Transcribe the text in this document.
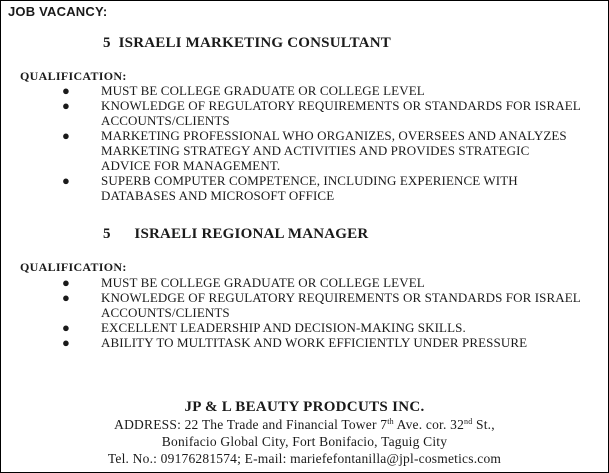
JOB VACANCY:
5 ISRAELI MARKETING CONSULTANT
QUALIFICATION:
● MUST BE COLLEGE GRADUATE OR COLLEGE LEVEL
● KNOWLEDGE OF REGULATORY REQUIREMENTS OR STANDARDS FOR ISRAEL ACCOUNTS/CLIENTS
● MARKETING PROFESSIONAL WHO ORGANIZES, OVERSEES AND ANALYZES MARKETING STRATEGY AND ACTIVITIES AND PROVIDES STRATEGIC ADVICE FOR MANAGEMENT.
● SUPERB COMPUTER COMPETENCE, INCLUDING EXPERIENCE WITH DATABASES AND MICROSOFT OFFICE
5 ISRAELI REGIONAL MANAGER
QUALIFICATION:
● MUST BE COLLEGE GRADUATE OR COLLEGE LEVEL
● KNOWLEDGE OF REGULATORY REQUIREMENTS OR STANDARDS FOR ISRAEL ACCOUNTS/CLIENTS
● EXCELLENT LEADERSHIP AND DECISION-MAKING SKILLS.
● ABILITY TO MULTITASK AND WORK EFFICIENTLY UNDER PRESSURE
JP & L BEAUTY PRODCUTS INC.
ADDRESS: 22 The Trade and Financial Tower 7th Ave. cor. 32nd St.,
Bonifacio Global City, Fort Bonifacio, Taguig City
Tel. No.: 09176281574; E-mail: mariefefontanilla@jpl-cosmetics.com
